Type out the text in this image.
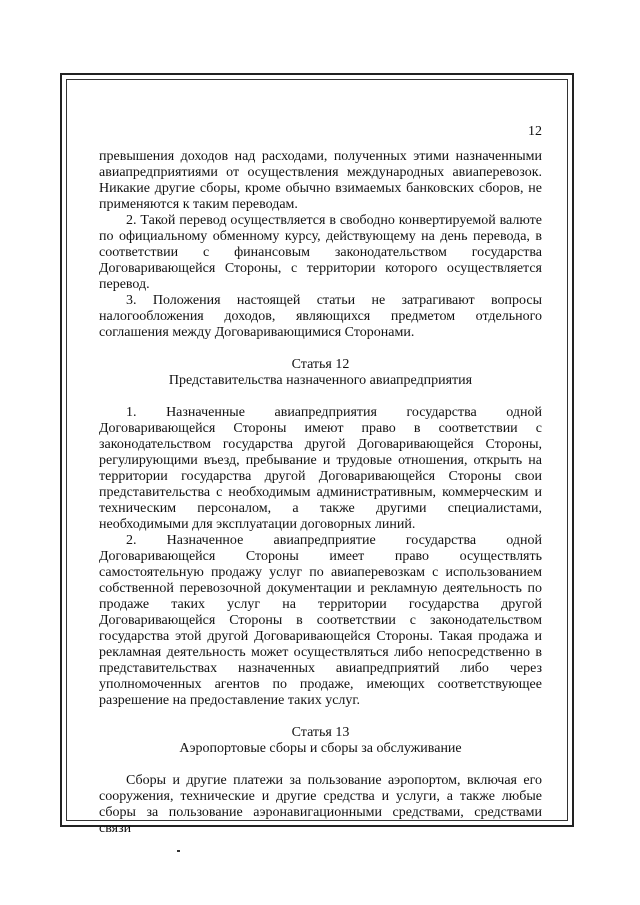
12

превышения доходов над расходами, полученных этими назначенными авиапредприятиями от осуществления международных авиаперевозок. Никакие другие сборы, кроме обычно взимаемых банковских сборов, не применяются к таким переводам.

2. Такой перевод осуществляется в свободно конвертируемой валюте по официальному обменному курсу, действующему на день перевода, в соответствии с финансовым законодательством государства Договаривающейся Стороны, с территории которого осуществляется перевод.

3. Положения настоящей статьи не затрагивают вопросы налогообложения доходов, являющихся предметом отдельного соглашения между Договаривающимися Сторонами.

Статья 12

Представительства назначенного авиапредприятия

1. Назначенные авиапредприятия государства одной Договаривающейся Стороны имеют право в соответствии с законодательством государства другой Договаривающейся Стороны, регулирующими въезд, пребывание и трудовые отношения, открыть на территории государства другой Договаривающейся Стороны свои представительства с необходимым административным, коммерческим и техническим персоналом, а также другими специалистами, необходимыми для эксплуатации договорных линий.

2. Назначенное авиапредприятие государства одной Договаривающейся Стороны имеет право осуществлять самостоятельную продажу услуг по авиаперевозкам с использованием собственной перевозочной документации и рекламную деятельность по продаже таких услуг на территории государства другой Договаривающейся Стороны в соответствии с законодательством государства этой другой Договаривающейся Стороны. Такая продажа и рекламная деятельность может осуществляться либо непосредственно в представительствах назначенных авиапредприятий либо через уполномоченных агентов по продаже, имеющих соответствующее разрешение на предоставление таких услуг.

Статья 13

Аэропортовые сборы и сборы за обслуживание

Сборы и другие платежи за пользование аэропортом, включая его сооружения, технические и другие средства и услуги, а также любые сборы за пользование аэронавигационными средствами, средствами связи
